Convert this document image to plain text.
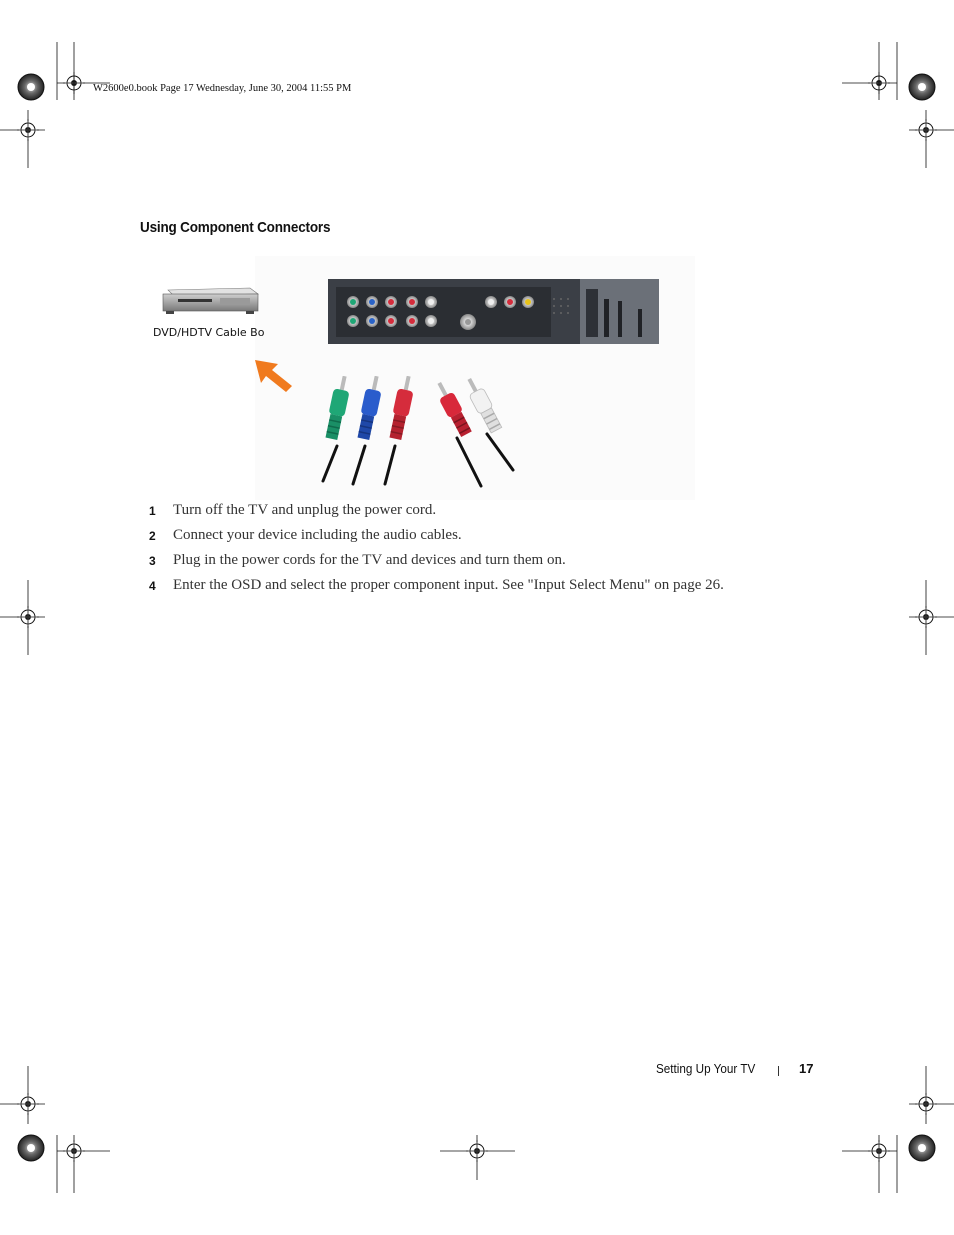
W2600e0.book Page 17 Wednesday, June 30, 2004 11:55 PM
Using Component Connectors
DVD/HDTV Cable Bo
1	Turn off the TV and unplug the power cord.
2	Connect your device including the audio cables.
3	Plug in the power cords for the TV and devices and turn them on.
4	Enter the OSD and select the proper component input. See "Input Select Menu" on page 26.
Setting Up Your TV	17
